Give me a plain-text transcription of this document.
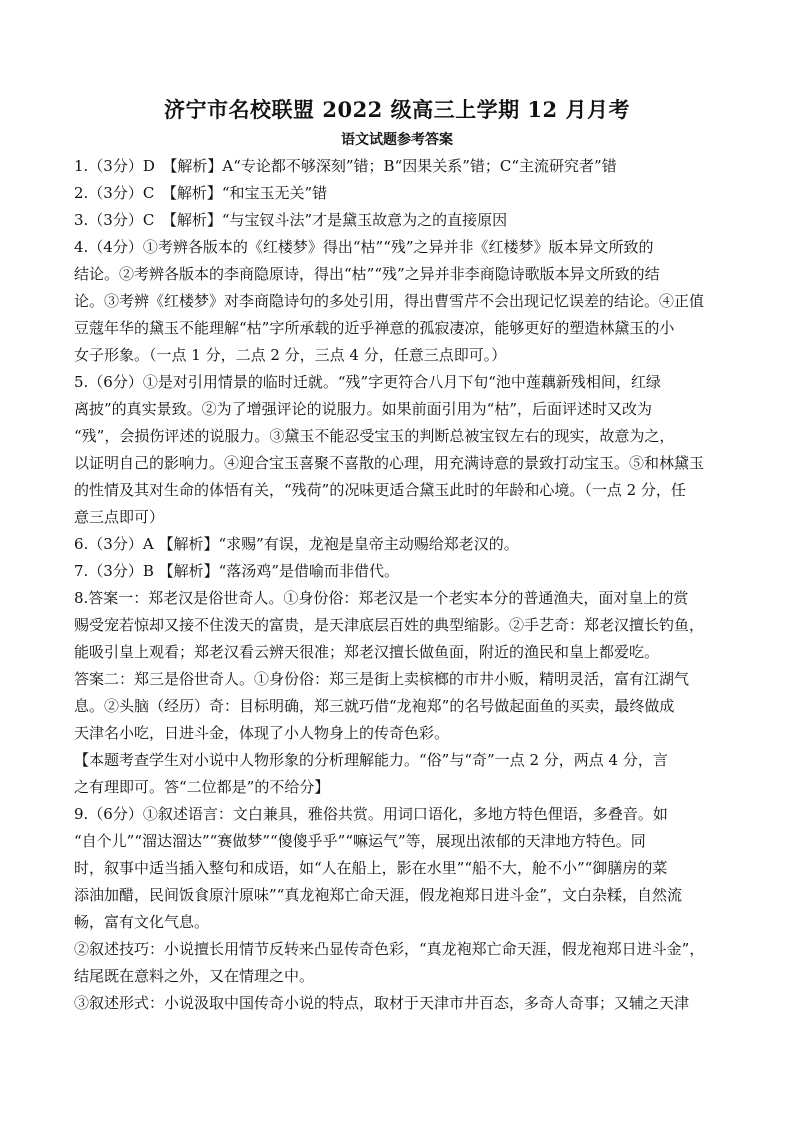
济宁市名校联盟 2022 级高三上学期 12 月月考
语文试题参考答案
1.（3分）D　【解析】A“专论都不够深刻”错；B“因果关系”错；C“主流研究者”错
2.（3分）C　【解析】“和宝玉无关”错
3.（3分）C　【解析】“与宝钗斗法”才是黛玉故意为之的直接原因
4.（4分）①考辨各版本的《红楼梦》得出“枯”“残”之异并非《红楼梦》版本异文所致的
结论。②考辨各版本的李商隐原诗，得出“枯”“残”之异并非李商隐诗歌版本异文所致的结
论。③考辨《红楼梦》对李商隐诗句的多处引用，得出曹雪芹不会出现记忆误差的结论。④正值
豆蔻年华的黛玉不能理解“枯”字所承载的近乎禅意的孤寂凄凉，能够更好的塑造林黛玉的小
女子形象。（一点 1 分，二点 2 分，三点 4 分，任意三点即可。）
5.（6分）①是对引用情景的临时迁就。“残”字更符合八月下旬“池中莲藕新残相间，红绿
离披”的真实景致。②为了增强评论的说服力。如果前面引用为“枯”，后面评述时又改为
“残”，会损伤评述的说服力。③黛玉不能忍受宝玉的判断总被宝钗左右的现实，故意为之，
以证明自己的影响力。④迎合宝玉喜聚不喜散的心理，用充满诗意的景致打动宝玉。⑤和林黛玉
的性情及其对生命的体悟有关，“残荷”的况味更适合黛玉此时的年龄和心境。（一点 2 分，任
意三点即可）
6.（3分）A 【解析】“求赐”有误，龙袍是皇帝主动赐给郑老汉的。
7.（3分）B 【解析】“落汤鸡”是借喻而非借代。
8.答案一：郑老汉是俗世奇人。①身份俗：郑老汉是一个老实本分的普通渔夫，面对皇上的赏
赐受宠若惊却又接不住泼天的富贵，是天津底层百姓的典型缩影。②手艺奇：郑老汉擅长钓鱼，
能吸引皇上观看；郑老汉看云辨天很准；郑老汉擅长做鱼面，附近的渔民和皇上都爱吃。
答案二：郑三是俗世奇人。①身份俗：郑三是街上卖槟榔的市井小贩，精明灵活，富有江湖气
息。②头脑（经历）奇：目标明确，郑三就巧借“龙袍郑”的名号做起面鱼的买卖，最终做成
天津名小吃，日进斗金，体现了小人物身上的传奇色彩。
【本题考查学生对小说中人物形象的分析理解能力。“俗”与“奇”一点 2 分，两点 4 分，言
之有理即可。答“二位都是”的不给分】
9.（6分）①叙述语言：文白兼具，雅俗共赏。用词口语化，多地方特色俚语，多叠音。如
“自个儿”“溜达溜达”“赛做梦”“傻傻乎乎”“嘛运气”等，展现出浓郁的天津地方特色。同
时，叙事中适当插入整句和成语，如“人在船上，影在水里”“船不大，舱不小”“御膳房的菜
添油加醋，民间饭食原汁原味”“真龙袍郑亡命天涯，假龙袍郑日进斗金”，文白杂糅，自然流
畅，富有文化气息。
②叙述技巧：小说擅长用情节反转来凸显传奇色彩，“真龙袍郑亡命天涯，假龙袍郑日进斗金”，
结尾既在意料之外，又在情理之中。
③叙述形式：小说汲取中国传奇小说的特点，取材于天津市井百态，多奇人奇事；又辅之天津
